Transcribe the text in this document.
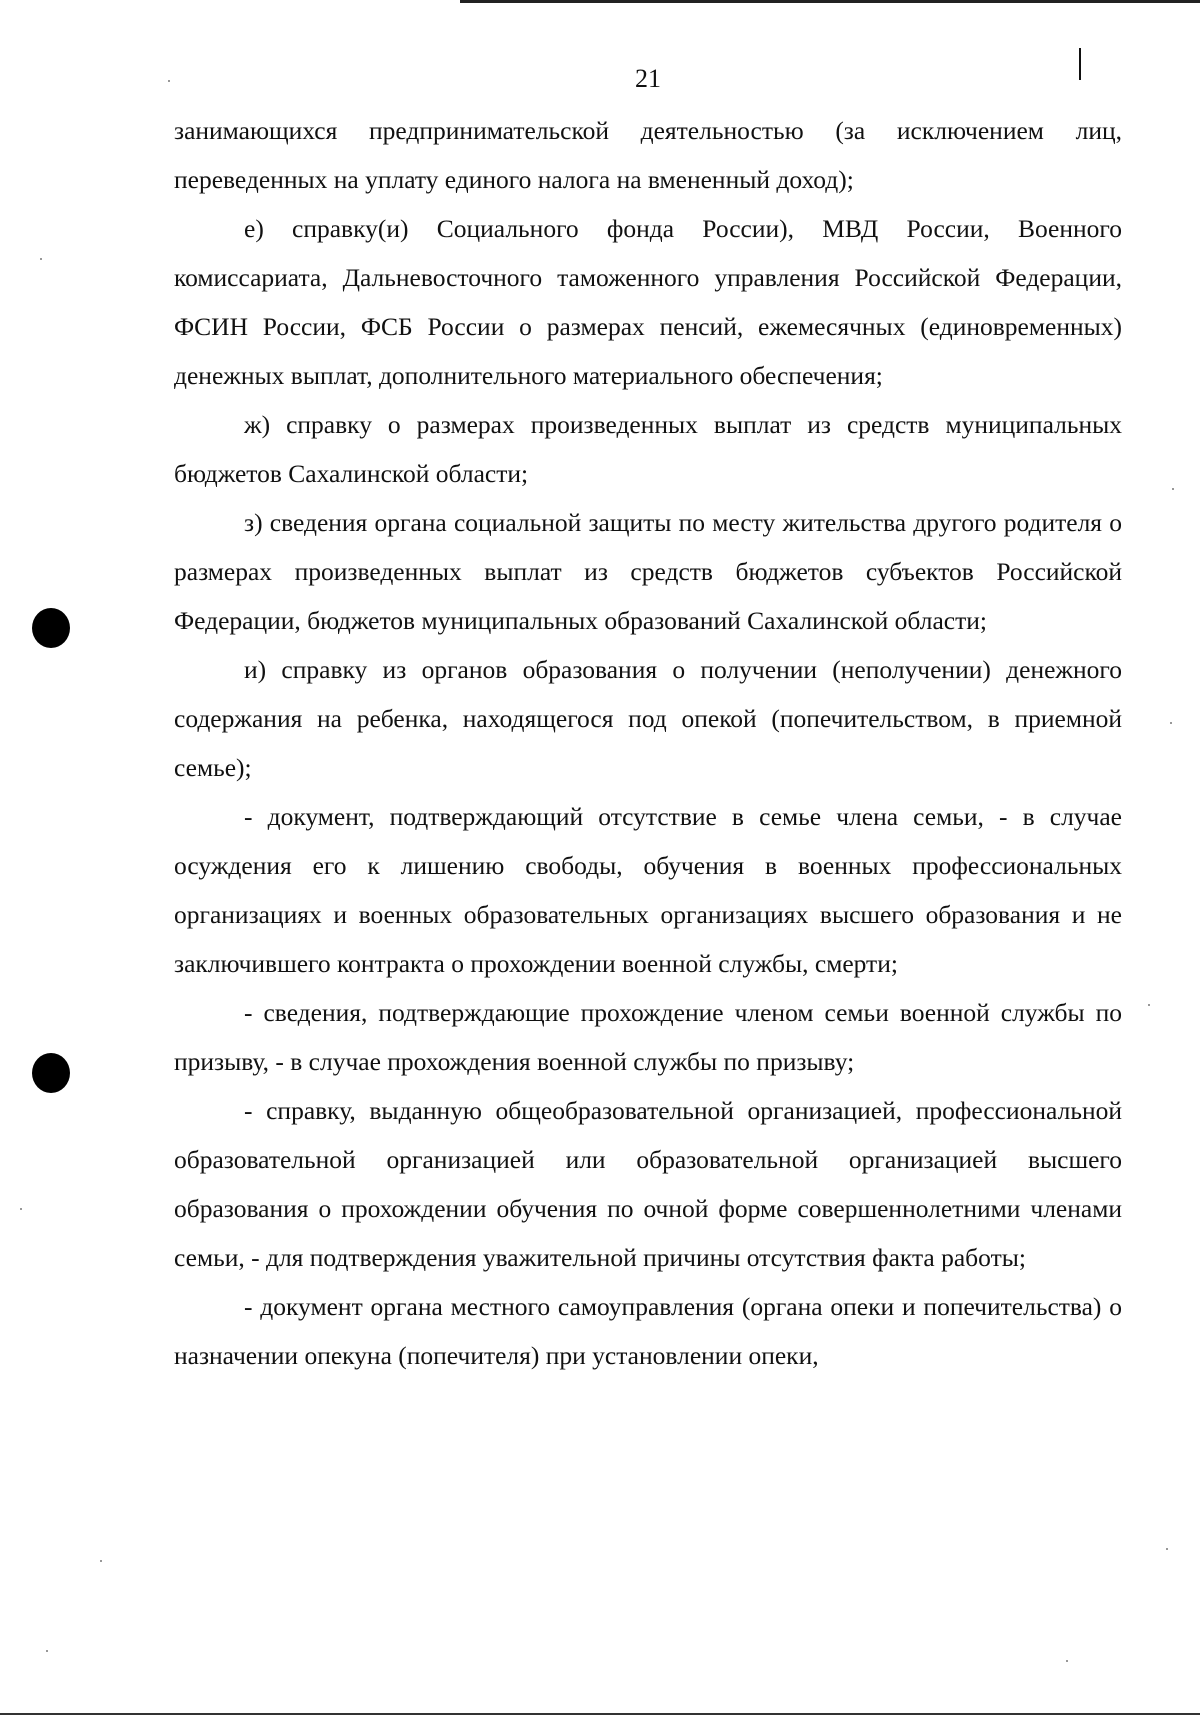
21

занимающихся предпринимательской деятельностью (за исключением лиц, переведенных на уплату единого налога на вмененный доход);

е) справку(и) Социального фонда России), МВД России, Военного комиссариата, Дальневосточного таможенного управления Российской Федерации, ФСИН России, ФСБ России о размерах пенсий, ежемесячных (единовременных) денежных выплат, дополнительного материального обеспечения;

ж) справку о размерах произведенных выплат из средств муниципальных бюджетов Сахалинской области;

з) сведения органа социальной защиты по месту жительства другого родителя о размерах произведенных выплат из средств бюджетов субъектов Российской Федерации, бюджетов муниципальных образований Сахалинской области;

и) справку из органов образования о получении (неполучении) денежного содержания на ребенка, находящегося под опекой (попечительством, в приемной семье);

- документ, подтверждающий отсутствие в семье члена семьи, - в случае осуждения его к лишению свободы, обучения в военных профессиональных организациях и военных образовательных организациях высшего образования и не заключившего контракта о прохождении военной службы, смерти;

- сведения, подтверждающие прохождение членом семьи военной службы по призыву, - в случае прохождения военной службы по призыву;

- справку, выданную общеобразовательной организацией, профессиональной образовательной организацией или образовательной организацией высшего образования о прохождении обучения по очной форме совершеннолетними членами семьи, - для подтверждения уважительной причины отсутствия факта работы;

- документ органа местного самоуправления (органа опеки и попечительства) о назначении опекуна (попечителя) при установлении опеки,
